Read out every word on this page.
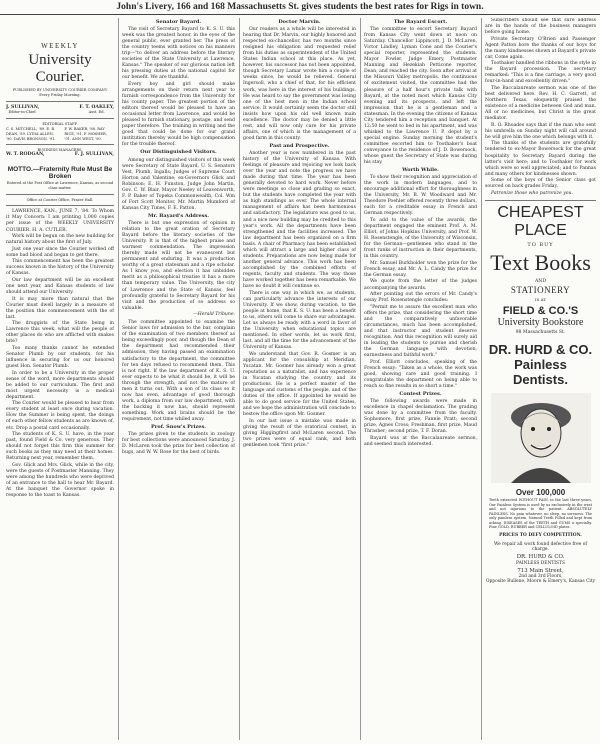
John's Livery, 166 and 168 Massachusetts St. gives students the best rates for Rigs in town.
WEEKLY
University Courier.
PUBLISHED BY UNIVERSITY COURIER COMPANY
Every Friday Morning.
J. SULLIVAN,
Editor-in-Chief.
F. T. OAKLEY,
Asst. Ed.
EDITORIAL STAFF.
C. S. MITCHELL, '89. E. B. DEAN, '89. LYDIA ALLEN, '90. DAVIS BRONSON, '91.
F. W. BAKER, '88. RAY RICE, '91. F. MOSHER, '91. ANN WEST, '90.
BUSINESS MANAGERS.
W. T. RODGAN,	F. J. SULLIVAN,
MOTTO.—Fraternity Rule Must Be Broken
Entered at the Post Office at Lawrence, Kansas, as second class matter.
Office at Courier Office, Frazer Hall.

LAWRENCE, KAN., JUNE 7, '84. To Whom it May Concern: I am printing 1,000 copies per issue of the WEEKLY UNIVERSITY COURIER. H. A. CUTLER.

Work will be begun on the new building for natural history about the first of July.

Just one year since the Courier worked off some bad blood and began to get there.

This commencement has been the greatest success known in the history of the University of Kansas.

Our law department will be an excellent one next year, and Kansas students of law should attend our University.

It is may more than natural that the Courier must dwell largely in a measure of the position this commencement with the of last.

The druggists of the State being in Lawrence this week, what will the people of other places do who are afflicted with snakes bite?

Too many thanks cannot be extended Senator Plumb by our students, for his influence in securing for us our honored guest Hon. Senator Plumb.

In order to be a University in the proper sense of the word, more departments should be added to our curriculum. The first and most urgent necessity is a medical department.

The Courier would be pleased to hear from every student at least once during vacation. How the Summer is being spent, the doings of each other fellow students as are known of, etc. Drop a postal card occasionally.

The students of K. S. U. have, in the year past, found Field & Co. very generous. They should not forget this firm this summer for such books as they may need at their homes. Returning next year, remember them.

Gov. Glick and Mrs. Glick, while in the city, were the guests of Postmaster Manning. They were among the hundreds who were deprived of an entrance to the hall to hear Mr. Bayard. At the banquet the Governor spoke in response to the toast to Kansas.

Senator Bayard.

The visit of Secretary Bayard to K. S. U. this week was the greatest honor, in the eyes of the general public, ever granted her. The press of the country teems with notices on his manners trip—"to deliver an address before the literary societies of the State University at Lawrence, Kansas." The speaker of our glorious nation left his pressing duties at the national capitol for our benefit. We are thankful.

Every boy and girl should make arrangements on their return next year to furnish correspondence from the University for his county paper. The greatest portion of the editors thereof would be pleased to have an occasional letter from Lawrence, and would be pleased to furnish stationary, postage, and send paper therefore. The training in writing and the good that could be done for our grand institution thereby would be high compensation for the trouble thereof.

Our Distinguished Visitors.

Among our distinguished visitors of this week were Secretary of State Bayard, U. S. Senators Vest, Plumb, Ingalls; Judges of Supreme Court Horton and Valentine; ex-Governors Glick and Robinson; E. H. Funston, Judge John Martin, Gov. C. W. Blair, Mayor Neeley of Leavenworth, F. P. Baker of Topeka Commonwealth, Col. Wm of Fort Scott Monitor, Mr. Martin Mumford of Kansas City Times, F. E. Patton.

Mr. Bayard's Address.

There is but one expression of opinion in relation to the great oration of Secretary Bayard before the literary societies of the University. It is that of the highest praise and warmest commendation. The impression thereby made will not be evanescent but permanent and enduring. It was a production worthy of a great statesman and a ripe scholar. As I know you, and election it has unbidden merit as a philosophical treatise it has a more than temporary value. The University, the city of Lawrence and the State of Kansas, feel profoundly grateful to Secretary Bayard for his visit and the production of so address so valuable.

—Herald Tribune.

The committee appointed to examine the Senior laws for admission to the bar, complain of the examination of two members thereof as being exceedingly poor, and though the Dean of the department had recommended their admission, they having passed an examination satisfactory to the department, the committee for ten days refused to recommend them. This is not right. If the law department of K. S. U. ever expects to be what it should be, it will be through the strength, and not the mature of men it turns out. With a son of its class so it now has even, advantage of good thorough work, a diploma from our law department, with the backing it now has, should represent something. Work and brains should be the requirement, not time whiled away.

Prof. Snow's Prizes.

The prizes given to the students in zoology for best collections were announced Saturday. J. D. McLaren took the prize for best collection of bugs, and W. W. Rose for the best of birds.

Doctor Marvin.

Our readers as a whole will be interested in hearing that Dr. Marvin, our highly honored and respected ex-chancellor, has two months since resigned his obligation and requested relief from his duties as superintendent of the United States Indian school at this place. As yet, however, his successor has not been appointed, though Secretary Lamar wrote him a couple of weeks since, he would be relieved. General Ingersoll, who a chief of that, for his efficient work, was here in the interest of his buildings. He was heard to say the government was losing one of the best men in the Indian school service. It would certainly seem the doctor still insists how upon his old well known main excellence. The doctor may be denied a little rest, and will now only care for his private affairs, one of which is the management of a good farm in this county.

Past and Prospective.

Another year is now numbered in the past history of the University of Kansas. With feelings of pleasure and rejoicing we look back over the year and note the progress we have made during that time. The year has been generally devoted to hard work. Never before were meetings so close and grading so exact, but the students have completed the year with as high standings as ever. The whole internal management of affairs has been harmonious and satisfactory. The legislature was good to us, and a nice new building may be credited to this year's work. All the departments have been strengthened and the facilities increased. The law department has been organized on a firm basis. A chair of Pharmacy has been established which will attract a large and higher class of students. Preparations are now being made for another general advance. This work has been accomplished by the combined efforts of regents, faculty and students. The way those have worked together has been remarkable. We have no doubt it will continue so.

There is one way in which we, as students, can particularly advance the interests of our University. If we show, during vacation, to the people at home, that K. S. U. has been a benefit to us, others will come to share our advantages. Let us always be ready with a word in favor of the University when educational topics are mentioned. In other words, let us work first, last, and all the time for the advancement of the University of Kansas.

We understand that Gov. R. Gosmer is an applicant for the consulship at Meridian, Yucatan. Mr. Gosmer has already won a great reputation as a naturalist, and has experience in Yucatan studying the country and its productions. He is a perfect master of the language and customs of the people, and of the duties of the office. If appointed he would be able to do good service for the United States, and we hope the administration will conclude to bestow the office upon Mr. Gosmer.

In our last issue a mistake was made in giving the result of the oratorical contest, in giving Higgingfirst and McLaren second. The two prizes were of equal rank, and both gentlemen took "first prize."

The Bayard Escort.

The committee to escort Secretary Bayard from Kansas City went down at noon on Saturday. Chancellor Lippincott, J. D. McLaren, Victor Lindley, Lyman Cone and the Courier's special reporter, represented the students. Mayor Fowler, Judge Emery, Postmaster Manning and Hezekiah Petticone reporter, Dean, and reached the city. Soon after arrival at the Missouri Valley metropolis, the continuous of excitement visited, the committee had the pleasure of a half hour's private talk with Bayard, at the noted most which Kansas City evening and its prospects, and left the impression that he is a gentleman and a statesman. In the evening the citizens of Kansas City tendered him a reception and banquet. At 12:50 he went to bed in his apartment, and was whisked to the Lawrence U. P. depot by a special engine. Sunday morning the student's committee escorted him to Toothaker's boat conveyance to the residence of J. D. Bowersock, whose guest the Secretary of State was during his stay.

Worth While.

To show their recognition and appreciation of the work in modern languages, and to encourage additional effort for thoroughness in the University, Mr. B. W. Woodward and Mr. Theodore Poehler offered recently three dollars, each for a creditable essay in French and German respectively.

To add to the value of the awards, the department engaged the eminent Prof. A. M. Elliot, of Johns Hopkins University, and Prof. W. H. Rosenstengle, of the University of Wisconsin, for the German—gentlemen who stand in the front ranks of instruction in their departments, in this country.

Mr. Samuel Burkholder won the prize for the French essay, and Mr. A. L. Candy the prize for the German essay.

We quote from the letter of the judges accompanying the awards.

After pointing out the errors of Mr. Candy's essay Prof. Rosenstengle concludes:

"Permit me to assure the excellent man who offers the prize, that considering the short time and the comparatively unfavorable circumstances, much has been accomplished, and that instructor and student deserve recognition. And this recognition will surely aid in leading the students to pursue and cherish the German language with devotion, earnestness and faithful work."

Prof. Elliott concludes, speaking of the French essay: "Taken as a whole, the work was good, showing care and good training. I congratulate the department on being able to reach so fine results in so short a time."

Contest Prizes.

The following awards were made in excellence in chapel declamation. The grading was done by a committee from the faculty. Sophomore, first prize, Fannie Pratt; second prize, Agnes Cross; Freshman, first prize, Maud Thrasher; second prize, T. F. Doran.

Bayard was at the Baccalaureate sermon, and seemed much interested.

Subscribers should see that sure address are in the hands of the business managers before going home.

Private Secretary O'Brien and Passenger Agent Patton bore the thanks of our boys for the many kindnesses shown at Bayard's private car, Come again.

Toothaker handled the ribbons in the style in the Bayard procession. The secretary remarked: "This is a fine carriage, a very good four-in-hand and excellently driven."

The Baccalaureate sermon was one of the best delivered here. Rev. H. C. Garrett, of Northern Texas, eloquently praised the existence of a medicine between God and man. All or no medicines, but Christ is the great mediator.

R. O. Rhoades says that if the man who sent his umbrella on Sunday night will call around he will give him the one which belongs with it.

The thanks of the students are gratefully tendered to ex-Mayor Bowersock for the great hospitality to Secretary Bayard during the latter's visit here; and to Toothaker for work which were so well appreciated; and to Pannas and many others for kindnesses shown.

Some of the boys of the Senior class got sourced on back grades Friday.

Patronize those who patronize you.

CHEAPEST PLACE
TO BUY
Text Books
AND
STATIONERY
IS AT
FIELD & CO.'S
University Bookstore
98 Massachusetts St.
DR. HURD & CO.
Painless Dentists.
Over 100,000
Teeth extracted WITHOUT PAIN, in the last three years, Our Painless System is used by us exclusively in the west and not injurious to the patient. ABSOLUTELY PAINLESS. No pain whatever, no sleep, no soreness. The only painless system. Natural Teeth Filled and kept from aching. DISEASES of the TEETH and GUMS a specialty. Fine GOLD, RUBBER and CELLULOID plates.
PRICES TO DEFY COMPETITION.
We repair all work found defective free of charge.
DR. HURD & CO.
PAINLESS DENTISTS
713 Main Street,
2nd and 3rd Floors,
Opposite Bullene, Moore & Emery's, Kansas City
